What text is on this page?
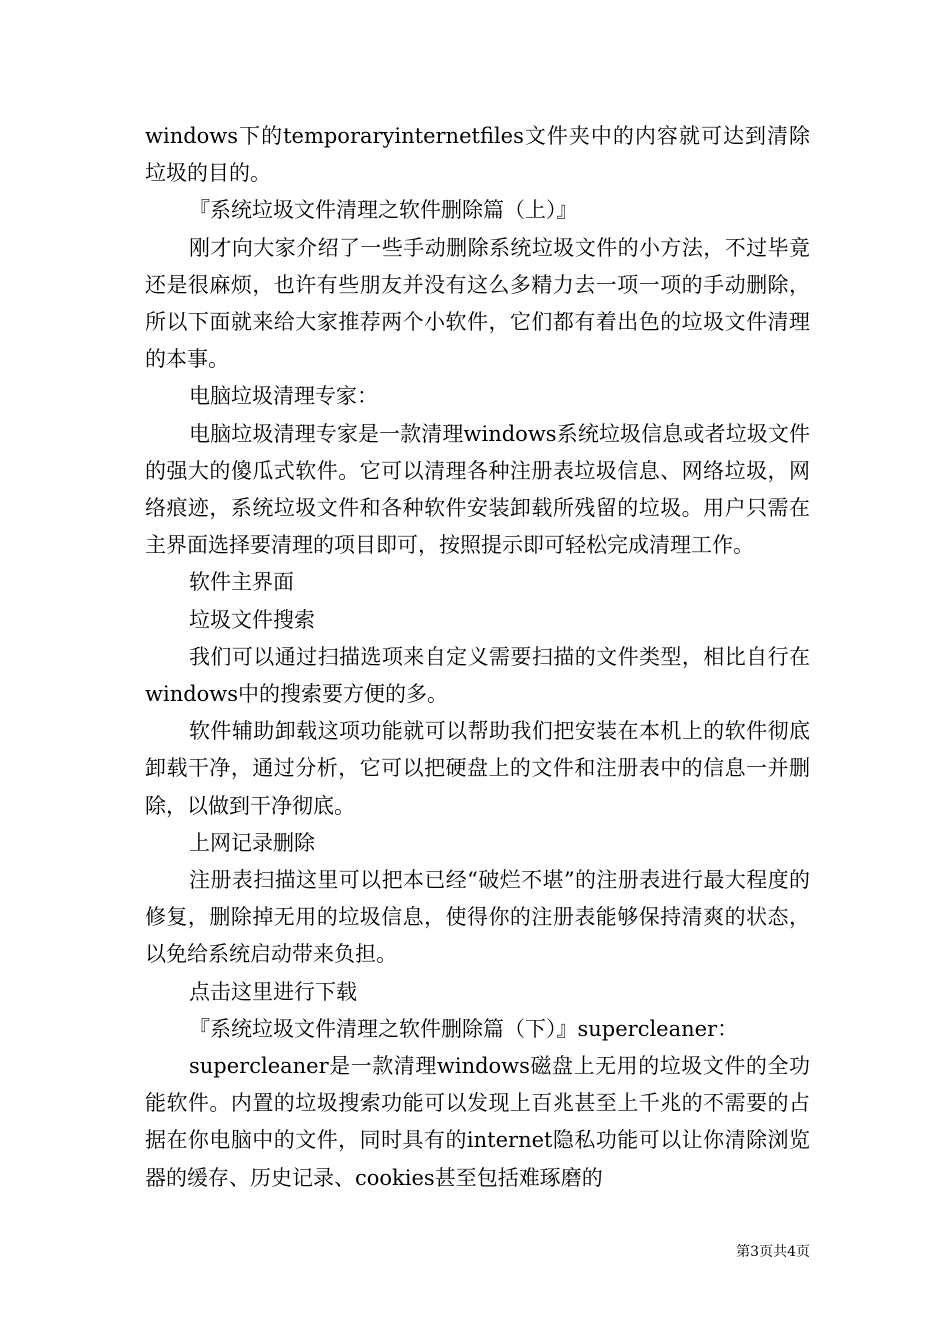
windows下的temporaryinternetfiles文件夹中的内容就可达到清除垃圾的目的。

『系统垃圾文件清理之软件删除篇（上）』

刚才向大家介绍了一些手动删除系统垃圾文件的小方法，不过毕竟还是很麻烦，也许有些朋友并没有这么多精力去一项一项的手动删除，所以下面就来给大家推荐两个小软件，它们都有着出色的垃圾文件清理的本事。

电脑垃圾清理专家：

电脑垃圾清理专家是一款清理windows系统垃圾信息或者垃圾文件的强大的傻瓜式软件。它可以清理各种注册表垃圾信息、网络垃圾，网络痕迹，系统垃圾文件和各种软件安装卸载所残留的垃圾。用户只需在主界面选择要清理的项目即可，按照提示即可轻松完成清理工作。

软件主界面

垃圾文件搜索

我们可以通过扫描选项来自定义需要扫描的文件类型，相比自行在windows中的搜索要方便的多。

软件辅助卸载这项功能就可以帮助我们把安装在本机上的软件彻底卸载干净，通过分析，它可以把硬盘上的文件和注册表中的信息一并删除，以做到干净彻底。

上网记录删除

注册表扫描这里可以把本已经“破烂不堪”的注册表进行最大程度的修复，删除掉无用的垃圾信息，使得你的注册表能够保持清爽的状态，以免给系统启动带来负担。

点击这里进行下载

『系统垃圾文件清理之软件删除篇（下）』supercleaner：

supercleaner是一款清理windows磁盘上无用的垃圾文件的全功能软件。内置的垃圾搜索功能可以发现上百兆甚至上千兆的不需要的占据在你电脑中的文件，同时具有的internet隐私功能可以让你清除浏览器的缓存、历史记录、cookies甚至包括难琢磨的

第3页共4页
